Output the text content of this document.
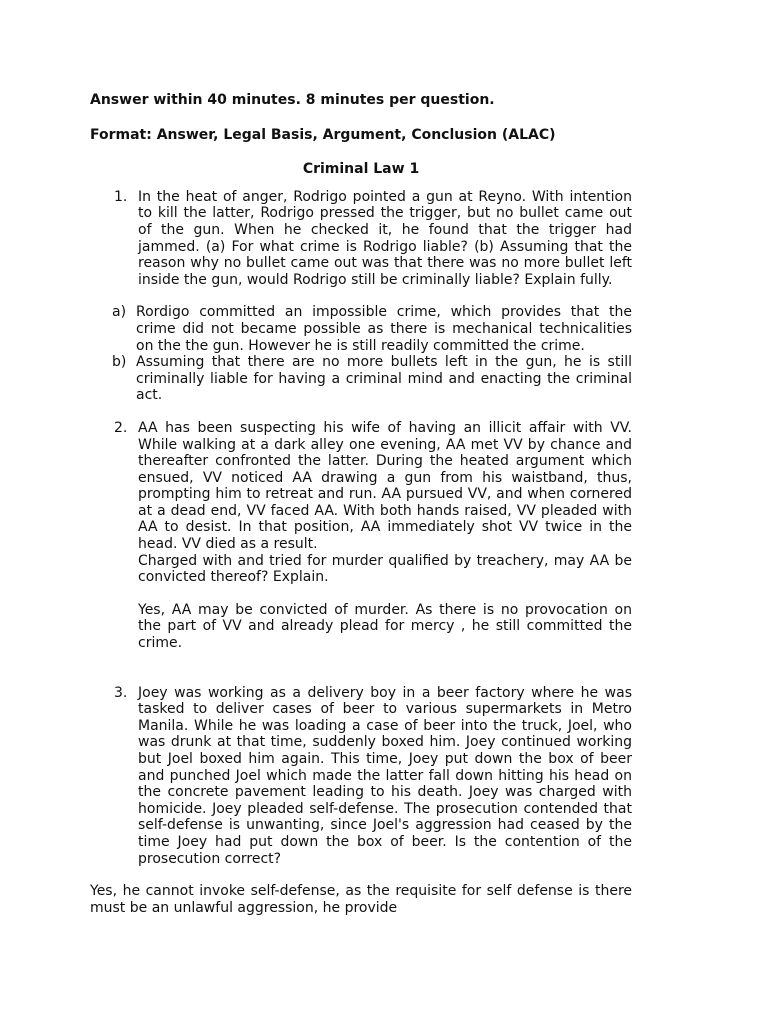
Answer within 40 minutes. 8 minutes per question.

Format: Answer, Legal Basis, Argument, Conclusion (ALAC)

Criminal Law 1

1. In the heat of anger, Rodrigo pointed a gun at Reyno. With intention to kill the latter, Rodrigo pressed the trigger, but no bullet came out of the gun. When he checked it, he found that the trigger had jammed. (a) For what crime is Rodrigo liable? (b) Assuming that the reason why no bullet came out was that there was no more bullet left inside the gun, would Rodrigo still be criminally liable? Explain fully.

a) Rordigo committed an impossible crime, which provides that the crime did not became possible as there is mechanical technicalities on the the gun. However he is still readily committed the crime.

b) Assuming that there are no more bullets left in the gun, he is still criminally liable for having a criminal mind and enacting the criminal act.

2. AA has been suspecting his wife of having an illicit affair with VV. While walking at a dark alley one evening, AA met VV by chance and thereafter confronted the latter. During the heated argument which ensued, VV noticed AA drawing a gun from his waistband, thus, prompting him to retreat and run. AA pursued VV, and when cornered at a dead end, VV faced AA. With both hands raised, VV pleaded with AA to desist. In that position, AA immediately shot VV twice in the head. VV died as a result.

Charged with and tried for murder qualified by treachery, may AA be convicted thereof? Explain.

Yes, AA may be convicted of murder. As there is no provocation on the part of VV and already plead for mercy , he still committed the crime.

3. Joey was working as a delivery boy in a beer factory where he was tasked to deliver cases of beer to various supermarkets in Metro Manila. While he was loading a case of beer into the truck, Joel, who was drunk at that time, suddenly boxed him. Joey continued working but Joel boxed him again. This time, Joey put down the box of beer and punched Joel which made the latter fall down hitting his head on the concrete pavement leading to his death. Joey was charged with homicide. Joey pleaded self-defense. The prosecution contended that self-defense is unwanting, since Joel's aggression had ceased by the time Joey had put down the box of beer. Is the contention of the prosecution correct?

Yes, he cannot invoke self-defense, as the requisite for self defense is there must be an unlawful aggression, he provide
